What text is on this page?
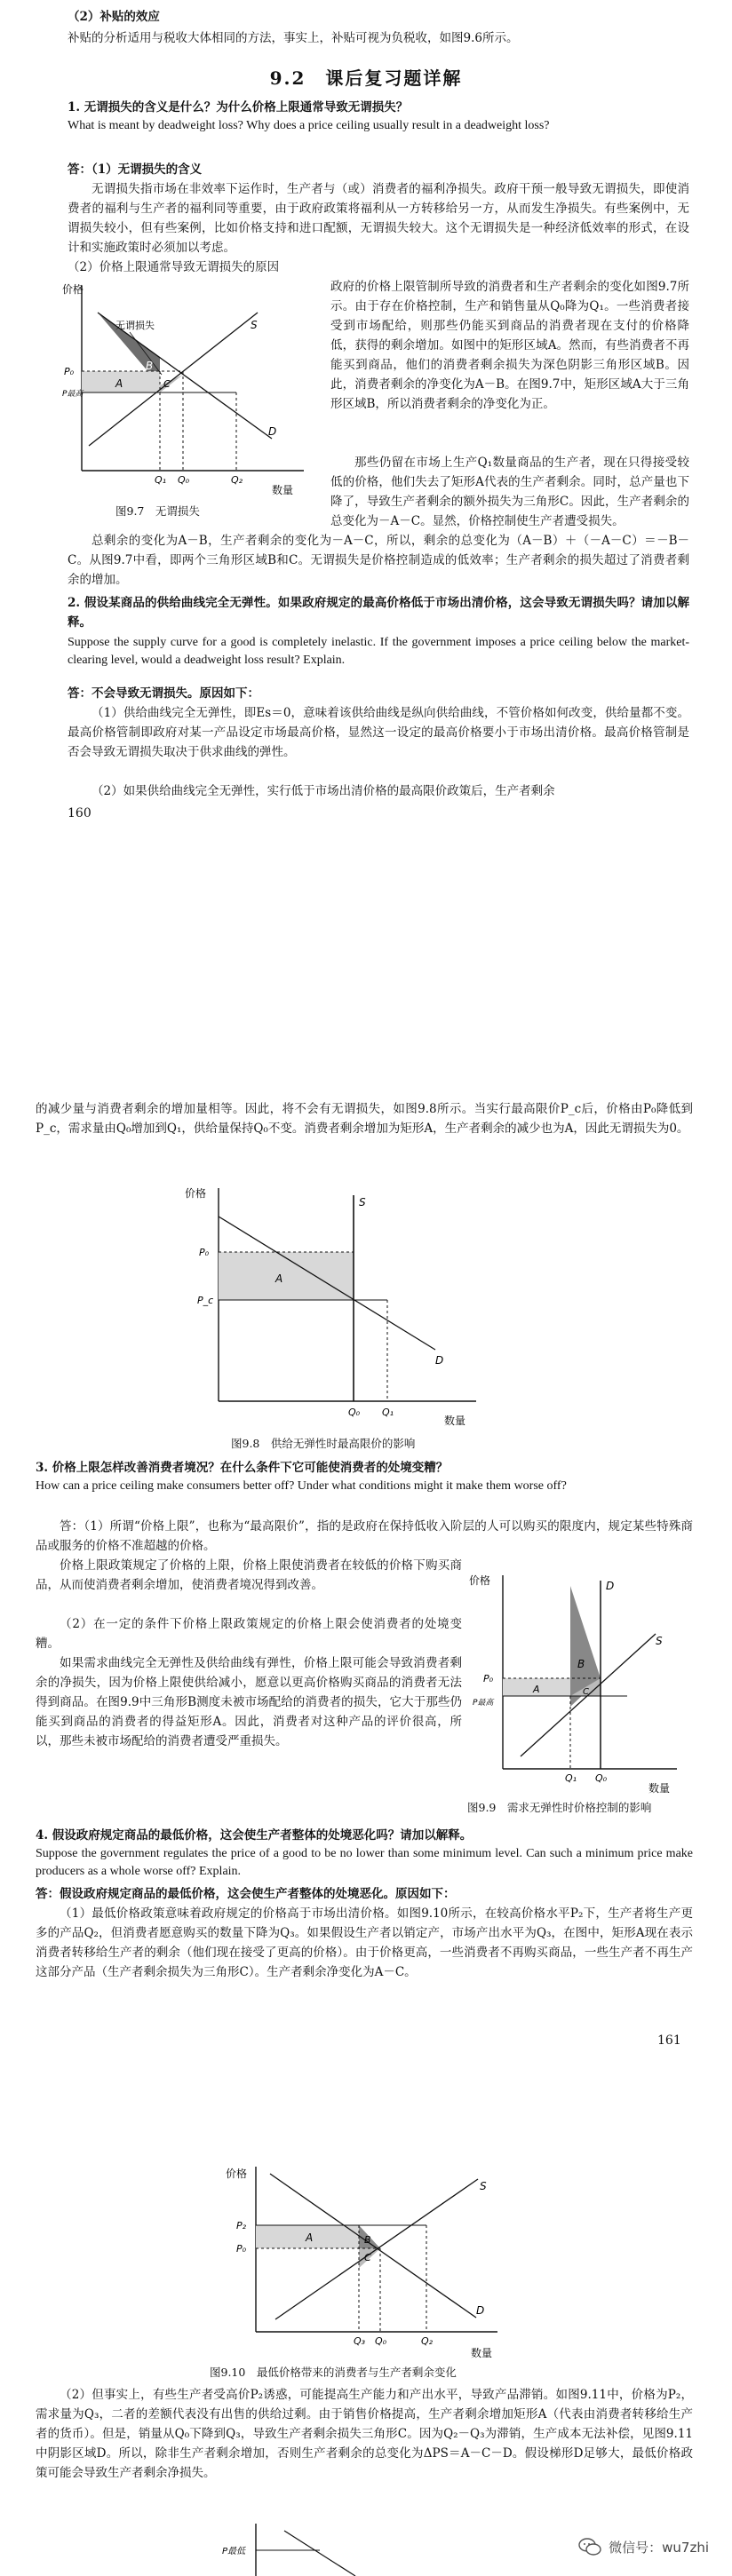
（2）补贴的效应
补贴的分析适用与税收大体相同的方法，事实上，补贴可视为负税收，如图9.6所示。
9.2　课后复习题详解
1. 无谓损失的含义是什么？为什么价格上限通常导致无谓损失？
What is meant by deadweight loss? Why does a price ceiling usually result in a deadweight loss?
答：（1）无谓损失的含义
无谓损失指市场在非效率下运作时，生产者与（或）消费者的福利净损失。政府干预一般导致无谓损失，即使消费者的福利与生产者的福利同等重要，由于政府政策将福利从一方转移给另一方，从而发生净损失。有些案例中，无谓损失较小，但有些案例，比如价格支持和进口配额，无谓损失较大。这个无谓损失是一种经济低效率的形式，在设计和实施政策时必须加以考虑。
（2）价格上限通常导致无谓损失的原因
价格
数量
无谓损失	S
D
A
B
C
P₀
P最高
Q₁ Q₀	Q₂
图9.7　无谓损失
政府的价格上限管制所导致的消费者和生产者剩余的变化如图9.7所示。由于存在价格控制，生产和销售量从Q₀降为Q₁。一些消费者接受到市场配给，则那些仍能买到商品的消费者现在支付的价格降低，获得的剩余增加。如图中的矩形区域A。然而，有些消费者不再能买到商品，他们的消费者剩余损失为深色阴影三角形区域B。因此，消费者剩余的净变化为A－B。在图9.7中，矩形区域A大于三角形区域B，所以消费者剩余的净变化为正。
那些仍留在市场上生产Q₁数量商品的生产者，现在只得接受较低的价格，他们失去了矩形A代表的生产者剩余。同时，总产量也下降了，导致生产者剩余的额外损失为三角形C。因此，生产者剩余的总变化为－A－C。显然，价格控制使生产者遭受损失。
总剩余的变化为A－B，生产者剩余的变化为－A－C，所以，剩余的总变化为（A－B）＋（－A－C）＝－B－C。从图9.7中看，即两个三角形区域B和C。无谓损失是价格控制造成的低效率；生产者剩余的损失超过了消费者剩余的增加。
2. 假设某商品的供给曲线完全无弹性。如果政府规定的最高价格低于市场出清价格，这会导致无谓损失吗？请加以解释。
Suppose the supply curve for a good is completely inelastic. If the government imposes a price ceiling below the market-clearing level, would a deadweight loss result? Explain.
答：不会导致无谓损失。原因如下：
（1）供给曲线完全无弹性，即Es＝0，意味着该供给曲线是纵向供给曲线，不管价格如何改变，供给量都不变。最高价格管制即政府对某一产品设定市场最高价格，显然这一设定的最高价格要小于市场出清价格。最高价格管制是否会导致无谓损失取决于供求曲线的弹性。
（2）如果供给曲线完全无弹性，实行低于市场出清价格的最高限价政策后，生产者剩余
160
的减少量与消费者剩余的增加量相等。因此，将不会有无谓损失，如图9.8所示。当实行最高限价P_c后，价格由P₀降低到P_c，需求量由Q₀增加到Q₁，供给量保持Q₀不变。消费者剩余增加为矩形A，生产者剩余的减少也为A，因此无谓损失为0。
价格
数量
S
D
A
P₀
P_c
Q₀ Q₁
图9.8　供给无弹性时最高限价的影响
3. 价格上限怎样改善消费者境况？在什么条件下它可能使消费者的处境变糟？
How can a price ceiling make consumers better off? Under what conditions might it make them worse off?
答：（1）所谓“价格上限”，也称为“最高限价”，指的是政府在保持低收入阶层的人可以购买的限度内，规定某些特殊商品或服务的价格不准超越的价格。
价格上限政策规定了价格的上限，价格上限使消费者在较低的价格下购买商品，从而使消费者剩余增加，使消费者境况得到改善。
（2）在一定的条件下价格上限政策规定的价格上限会使消费者的处境变糟。
如果需求曲线完全无弹性及供给曲线有弹性，价格上限可能会导致消费者剩余的净损失，因为价格上限使供给减小，愿意以更高价格购买商品的消费者无法得到商品。在图9.9中三角形B测度未被市场配给的消费者的损失，它大于那些仍能买到商品的消费者的得益矩形A。因此，消费者对这种产品的评价很高，所以，那些未被市场配给的消费者遭受严重损失。
价格
数量
D
S
B
A	C
P₀
P最高
Q₁ Q₀
图9.9　需求无弹性时价格控制的影响
4. 假设政府规定商品的最低价格，这会使生产者整体的处境恶化吗？请加以解释。
Suppose the government regulates the price of a good to be no lower than some minimum level. Can such a minimum price make producers as a whole worse off? Explain.
答：假设政府规定商品的最低价格，这会使生产者整体的处境恶化。原因如下：
（1）最低价格政策意味着政府规定的价格高于市场出清价格。如图9.10所示，在较高价格水平P₂下，生产者将生产更多的产品Q₂，但消费者愿意购买的数量下降为Q₃。如果假设生产者以销定产，市场产出水平为Q₃，在图中，矩形A现在表示消费者转移给生产者的剩余（他们现在接受了更高的价格）。由于价格更高，一些消费者不再购买商品，一些生产者不再生产这部分产品（生产者剩余损失为三角形C）。生产者剩余净变化为A－C。
161
价格
数量
S
D
A	B
C
P₂
P₀
Q₃ Q₀	Q₂
图9.10　最低价格带来的消费者与生产者剩余变化
（2）但事实上，有些生产者受高价P₂诱惑，可能提高生产能力和产出水平，导致产品滞销。如图9.11中，价格为P₂，需求量为Q₃，二者的差额代表没有出售的供给过剩。由于销售价格提高，生产者剩余增加矩形A（代表由消费者转移给生产者的货币）。但是，销量从Q₀下降到Q₃，导致生产者剩余损失三角形C。因为Q₂－Q₃为滞销，生产成本无法补偿，见图9.11中阴影区域D。所以，除非生产者剩余增加，否则生产者剩余的总变化为ΔPS＝A－C－D。假设梯形D足够大，最低价格政策可能会导致生产者剩余净损失。
P最低	微信号：wu7zhi
